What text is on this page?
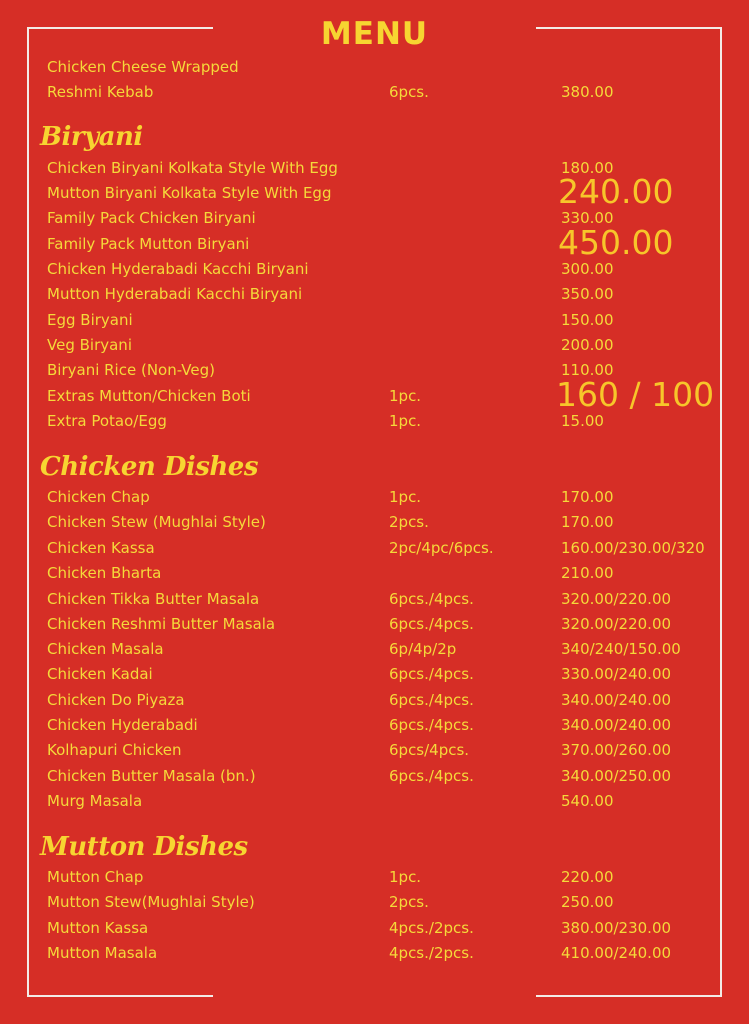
MENU
Chicken Cheese Wrapped
Reshmi Kebab	6pcs.	380.00
Biryani
Chicken Biryani Kolkata Style With Egg	180.00
Mutton Biryani Kolkata Style With Egg	240.00
Family Pack Chicken Biryani	330.00
Family Pack Mutton Biryani	450.00
Chicken Hyderabadi Kacchi Biryani	300.00
Mutton Hyderabadi Kacchi Biryani	350.00
Egg Biryani	150.00
Veg Biryani	200.00
Biryani Rice (Non-Veg)	110.00
Extras Mutton/Chicken Boti	1pc.	160 / 100
Extra Potao/Egg	1pc.	15.00
Chicken Dishes
Chicken Chap	1pc.	170.00
Chicken Stew (Mughlai Style)	2pcs.	170.00
Chicken Kassa	2pc/4pc/6pcs.	160.00/230.00/320
Chicken Bharta	210.00
Chicken Tikka Butter Masala	6pcs./4pcs.	320.00/220.00
Chicken Reshmi Butter Masala	6pcs./4pcs.	320.00/220.00
Chicken Masala	6p/4p/2p	340/240/150.00
Chicken Kadai	6pcs./4pcs.	330.00/240.00
Chicken Do Piyaza	6pcs./4pcs.	340.00/240.00
Chicken Hyderabadi	6pcs./4pcs.	340.00/240.00
Kolhapuri Chicken	6pcs/4pcs.	370.00/260.00
Chicken Butter Masala (bn.)	6pcs./4pcs.	340.00/250.00
Murg Masala	540.00
Mutton Dishes
Mutton Chap	1pc.	220.00
Mutton Stew(Mughlai Style)	2pcs.	250.00
Mutton Kassa	4pcs./2pcs.	380.00/230.00
Mutton Masala	4pcs./2pcs.	410.00/240.00
